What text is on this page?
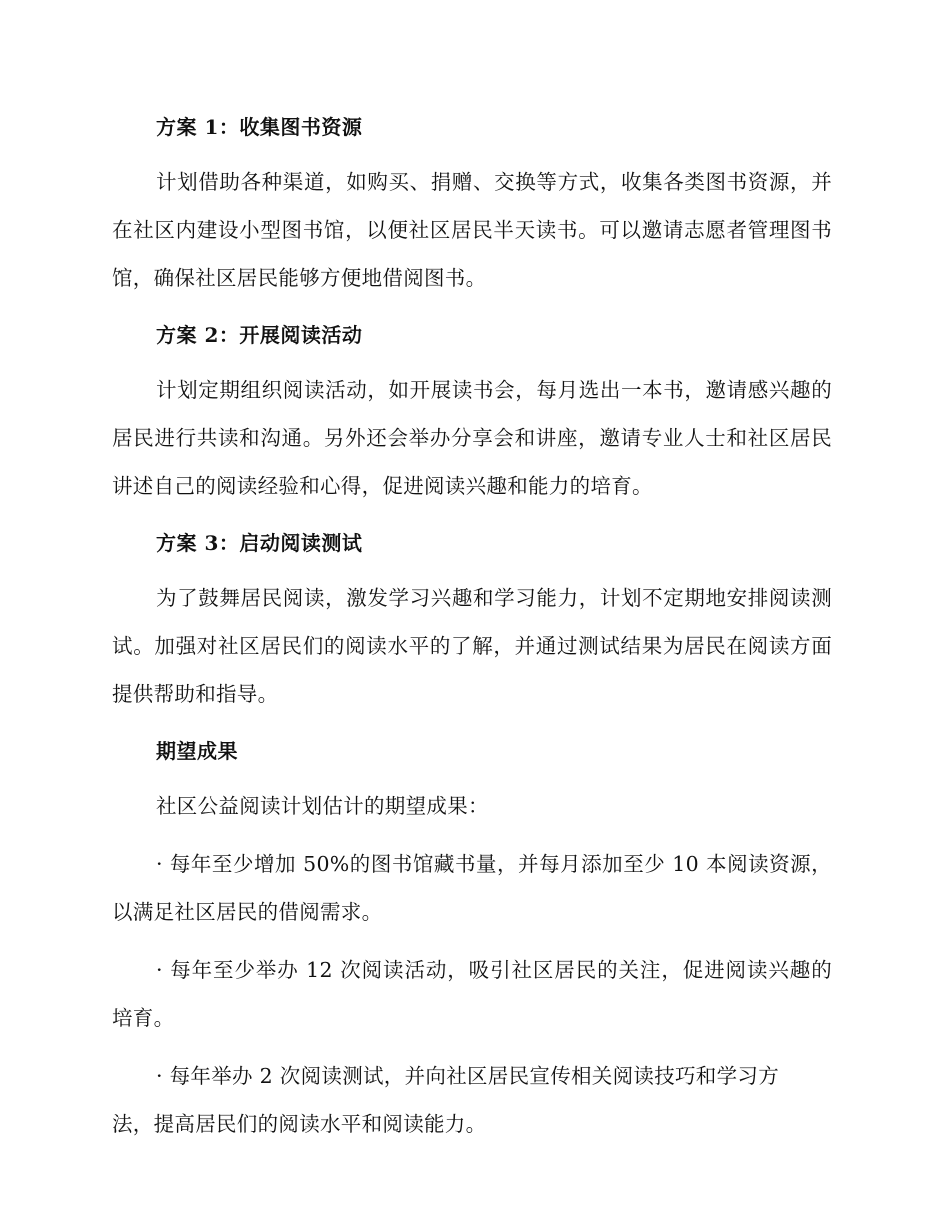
方案 1：收集图书资源
计划借助各种渠道，如购买、捐赠、交换等方式，收集各类图书资源，并在社区内建设小型图书馆，以便社区居民半天读书。可以邀请志愿者管理图书馆，确保社区居民能够方便地借阅图书。
方案 2：开展阅读活动
计划定期组织阅读活动，如开展读书会，每月选出一本书，邀请感兴趣的居民进行共读和沟通。另外还会举办分享会和讲座，邀请专业人士和社区居民讲述自己的阅读经验和心得，促进阅读兴趣和能力的培育。
方案 3：启动阅读测试
为了鼓舞居民阅读，激发学习兴趣和学习能力，计划不定期地安排阅读测试。加强对社区居民们的阅读水平的了解，并通过测试结果为居民在阅读方面提供帮助和指导。
期望成果
社区公益阅读计划估计的期望成果：
· 每年至少增加 50%的图书馆藏书量，并每月添加至少 10 本阅读资源，以满足社区居民的借阅需求。
· 每年至少举办 12 次阅读活动，吸引社区居民的关注，促进阅读兴趣的培育。
· 每年举办 2 次阅读测试，并向社区居民宣传相关阅读技巧和学习方法，提高居民们的阅读水平和阅读能力。
